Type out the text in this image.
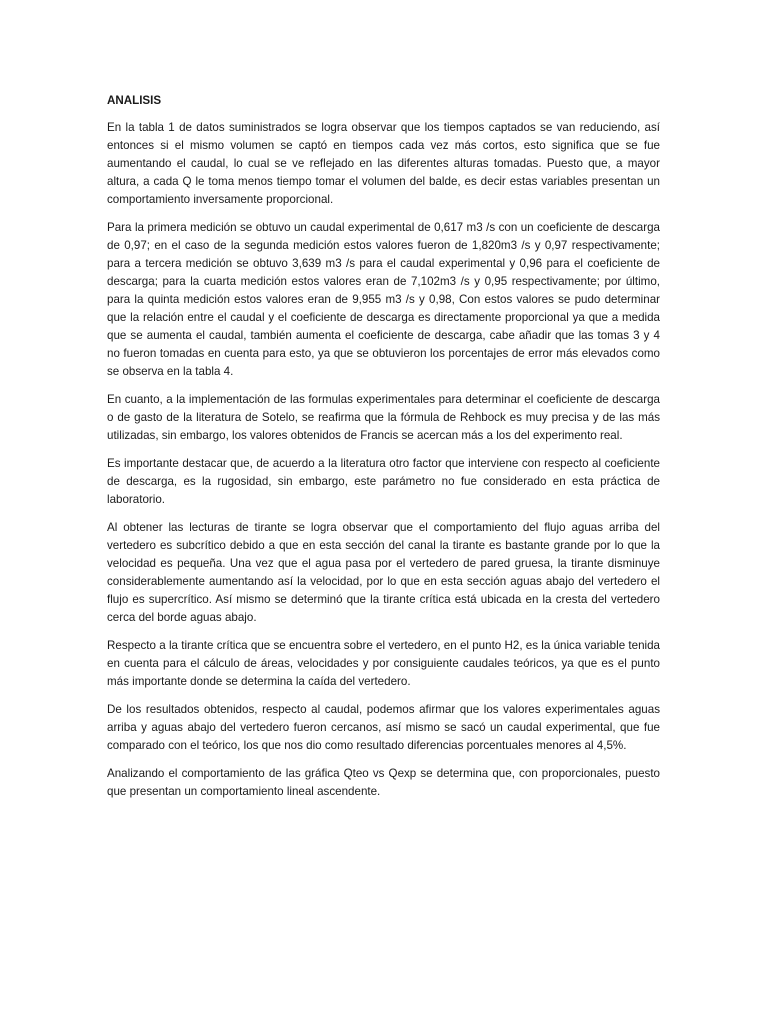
ANALISIS

En la tabla 1 de datos suministrados se logra observar que los tiempos captados se van reduciendo, así entonces si el mismo volumen se captó en tiempos cada vez más cortos, esto significa que se fue aumentando el caudal, lo cual se ve reflejado en las diferentes alturas tomadas. Puesto que, a mayor altura, a cada Q le toma menos tiempo tomar el volumen del balde, es decir estas variables presentan un comportamiento inversamente proporcional.

Para la primera medición se obtuvo un caudal experimental de 0,617 m3 /s con un coeficiente de descarga de 0,97; en el caso de la segunda medición estos valores fueron de 1,820m3 /s y 0,97 respectivamente; para a tercera medición se obtuvo 3,639 m3 /s para el caudal experimental y 0,96 para el coeficiente de descarga; para la cuarta medición estos valores eran de 7,102m3 /s y 0,95 respectivamente; por último, para la quinta medición estos valores eran de 9,955 m3 /s y 0,98, Con estos valores se pudo determinar que la relación entre el caudal y el coeficiente de descarga es directamente proporcional ya que a medida que se aumenta el caudal, también aumenta el coeficiente de descarga, cabe añadir que las tomas 3 y 4 no fueron tomadas en cuenta para esto, ya que se obtuvieron los porcentajes de error más elevados como se observa en la tabla 4.

En cuanto, a la implementación de las formulas experimentales para determinar el coeficiente de descarga o de gasto de la literatura de Sotelo, se reafirma que la fórmula de Rehbock es muy precisa y de las más utilizadas, sin embargo, los valores obtenidos de Francis se acercan más a los del experimento real.

Es importante destacar que, de acuerdo a la literatura otro factor que interviene con respecto al coeficiente de descarga, es la rugosidad, sin embargo, este parámetro no fue considerado en esta práctica de laboratorio.

Al obtener las lecturas de tirante se logra observar que el comportamiento del flujo aguas arriba del vertedero es subcrítico debido a que en esta sección del canal la tirante es bastante grande por lo que la velocidad es pequeña. Una vez que el agua pasa por el vertedero de pared gruesa, la tirante disminuye considerablemente aumentando así la velocidad, por lo que en esta sección aguas abajo del vertedero el flujo es supercrítico. Así mismo se determinó que la tirante crítica está ubicada en la cresta del vertedero cerca del borde aguas abajo.

Respecto a la tirante crítica que se encuentra sobre el vertedero, en el punto H2, es la única variable tenida en cuenta para el cálculo de áreas, velocidades y por consiguiente caudales teóricos, ya que es el punto más importante donde se determina la caída del vertedero.

De los resultados obtenidos, respecto al caudal, podemos afirmar que los valores experimentales aguas arriba y aguas abajo del vertedero fueron cercanos, así mismo se sacó un caudal experimental, que fue comparado con el teórico, los que nos dio como resultado diferencias porcentuales menores al 4,5%.

Analizando el comportamiento de las gráfica Qteo vs Qexp se determina que, con proporcionales, puesto que presentan un comportamiento lineal ascendente.
